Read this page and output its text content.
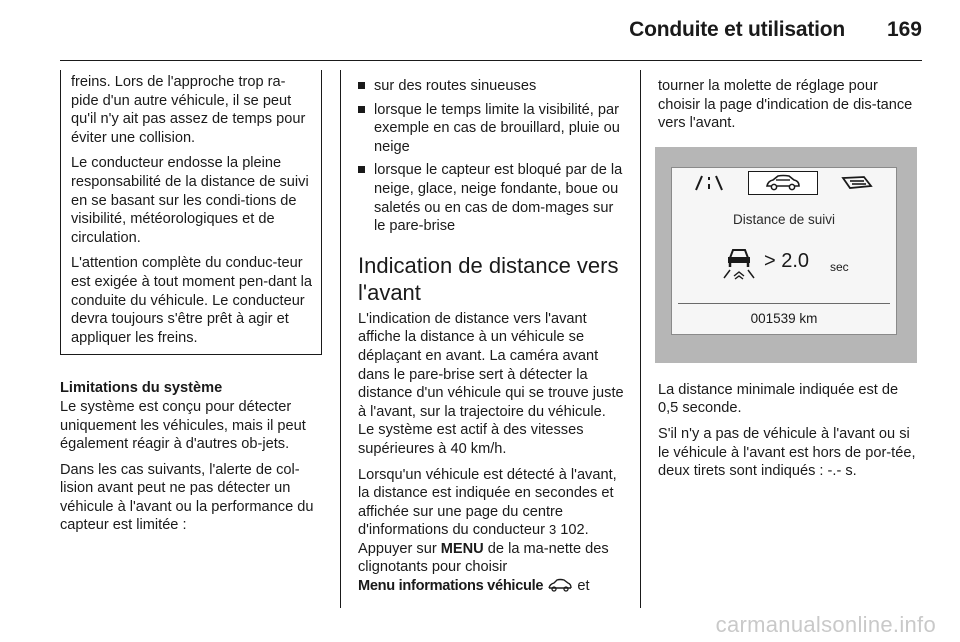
Conduite et utilisation	169

freins. Lors de l'approche trop ra-pide d'un autre véhicule, il se peut qu'il n'y ait pas assez de temps pour éviter une collision.

Le conducteur endosse la pleine responsabilité de la distance de suivi en se basant sur les condi-tions de visibilité, météorologiques et de circulation.

L'attention complète du conduc-teur est exigée à tout moment pen-dant la conduite du véhicule. Le conducteur devra toujours s'être prêt à agir et appliquer les freins.

Limitations du système

Le système est conçu pour détecter uniquement les véhicules, mais il peut également réagir à d'autres ob-jets.

Dans les cas suivants, l'alerte de col-lision avant peut ne pas détecter un véhicule à l'avant ou la performance du capteur est limitée :

sur des routes sinueuses
lorsque le temps limite la visibilité, par exemple en cas de brouillard, pluie ou neige
lorsque le capteur est bloqué par de la neige, glace, neige fondante, boue ou saletés ou en cas de dom-mages sur le pare-brise
Indication de distance vers l'avant

L'indication de distance vers l'avant affiche la distance à un véhicule se déplaçant en avant. La caméra avant dans le pare-brise sert à détecter la distance d'un véhicule qui se trouve juste à l'avant, sur la trajectoire du véhicule. Le système est actif à des vitesses supérieures à 40 km/h.

Lorsqu'un véhicule est détecté à l'avant, la distance est indiquée en secondes et affichée sur une page du centre d'informations du conducteur 3 102. Appuyer sur MENU de la ma-nette des clignotants pour choisir
Menu informations véhicule et

tourner la molette de réglage pour choisir la page d'indication de dis-tance vers l'avant.

Distance de suivi
> 2.0 sec
001539 km

La distance minimale indiquée est de 0,5 seconde.

S'il n'y a pas de véhicule à l'avant ou si le véhicule à l'avant est hors de por-tée, deux tirets sont indiqués : -.- s.

carmanualsonline.info
